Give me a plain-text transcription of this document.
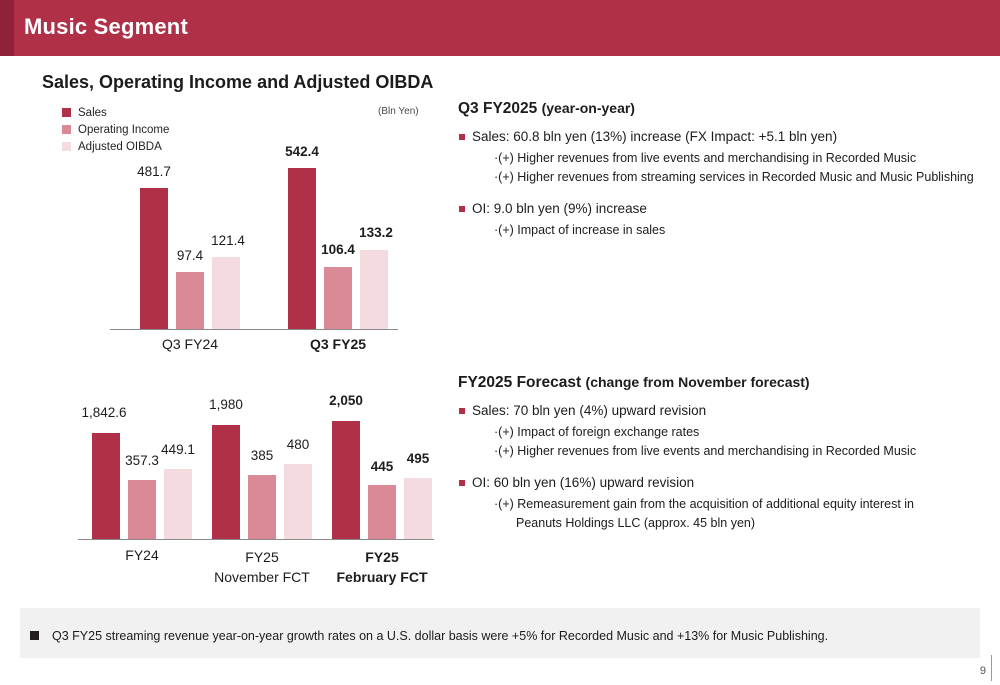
Music Segment
Sales, Operating Income and Adjusted OIBDA
Sales
Operating Income
Adjusted OIBDA
(Bln Yen)
481.7
97.4
121.4
542.4
106.4
133.2
Q3 FY24	Q3 FY25
1,842.6
357.3
449.1
1,980
385
480
2,050
445
495
FY24	FY25
November FCT
FY25
February FCT
Q3 FY2025 (year-on-year)
Sales: 60.8 bln yen (13%) increase (FX Impact: +5.1 bln yen)
·(+) Higher revenues from live events and merchandising in Recorded Music
·(+) Higher revenues from streaming services in Recorded Music and Music Publishing
OI: 9.0 bln yen (9%) increase
·(+) Impact of increase in sales
FY2025 Forecast (change from November forecast)
Sales: 70 bln yen (4%) upward revision
·(+) Impact of foreign exchange rates
·(+) Higher revenues from live events and merchandising in Recorded Music
OI: 60 bln yen (16%) upward revision
·(+) Remeasurement gain from the acquisition of additional equity interest in
Peanuts Holdings LLC (approx. 45 bln yen)
Q3 FY25 streaming revenue year-on-year growth rates on a U.S. dollar basis were +5% for Recorded Music and +13% for Music Publishing.
9
